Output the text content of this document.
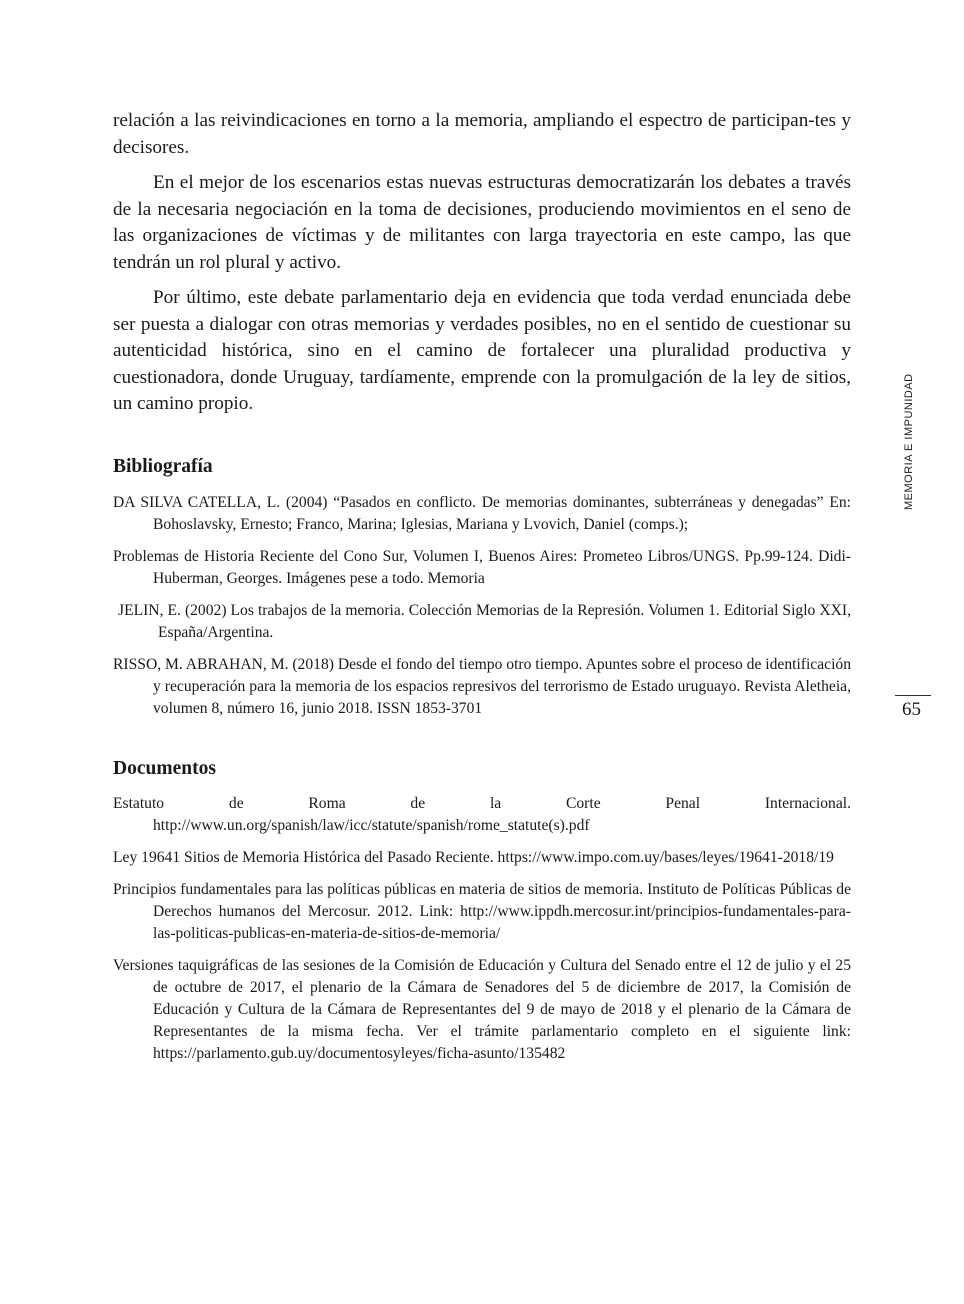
relación a las reivindicaciones en torno a la memoria, ampliando el espectro de participan-tes y decisores.

En el mejor de los escenarios estas nuevas estructuras democratizarán los debates a través de la necesaria negociación en la toma de decisiones, produciendo movimientos en el seno de las organizaciones de víctimas y de militantes con larga trayectoria en este campo, las que tendrán un rol plural y activo.

Por último, este debate parlamentario deja en evidencia que toda verdad enunciada debe ser puesta a dialogar con otras memorias y verdades posibles, no en el sentido de cuestionar su autenticidad histórica, sino en el camino de fortalecer una pluralidad productiva y cuestionadora, donde Uruguay, tardíamente, emprende con la promulgación de la ley de sitios, un camino propio.

Bibliografía

DA SILVA CATELLA, L. (2004) “Pasados en conflicto. De memorias dominantes, subterráneas y denegadas” En: Bohoslavsky, Ernesto; Franco, Marina; Iglesias, Mariana y Lvovich, Daniel (comps.);

Problemas de Historia Reciente del Cono Sur, Volumen I, Buenos Aires: Prometeo Libros/UNGS. Pp.99-124. Didi-Huberman, Georges. Imágenes pese a todo. Memoria

JELIN, E. (2002) Los trabajos de la memoria. Colección Memorias de la Represión. Volumen 1. Editorial Siglo XXI, España/Argentina.

RISSO, M. ABRAHAN, M. (2018) Desde el fondo del tiempo otro tiempo. Apuntes sobre el proceso de identificación y recuperación para la memoria de los espacios represivos del terrorismo de Estado uruguayo. Revista Aletheia, volumen 8, número 16, junio 2018. ISSN 1853-3701

Documentos

Estatuto de Roma de la Corte Penal Internacional. http://www.un.org/spanish/law/icc/statute/spanish/rome_statute(s).pdf

Ley 19641 Sitios de Memoria Histórica del Pasado Reciente. https://www.impo.com.uy/bases/leyes/19641-2018/19

Principios fundamentales para las políticas públicas en materia de sitios de memoria. Instituto de Políticas Públicas de Derechos humanos del Mercosur. 2012. Link: http://www.ippdh.mercosur.int/principios-fundamentales-para-las-politicas-publicas-en-materia-de-sitios-de-memoria/

Versiones taquigráficas de las sesiones de la Comisión de Educación y Cultura del Senado entre el 12 de julio y el 25 de octubre de 2017, el plenario de la Cámara de Senadores del 5 de diciembre de 2017, la Comisión de Educación y Cultura de la Cámara de Representantes del 9 de mayo de 2018 y el plenario de la Cámara de Representantes de la misma fecha. Ver el trámite parlamentario completo en el siguiente link: https://parlamento.gub.uy/documentosyleyes/ficha-asunto/135482

MEMORIA E IMPUNIDAD
65
